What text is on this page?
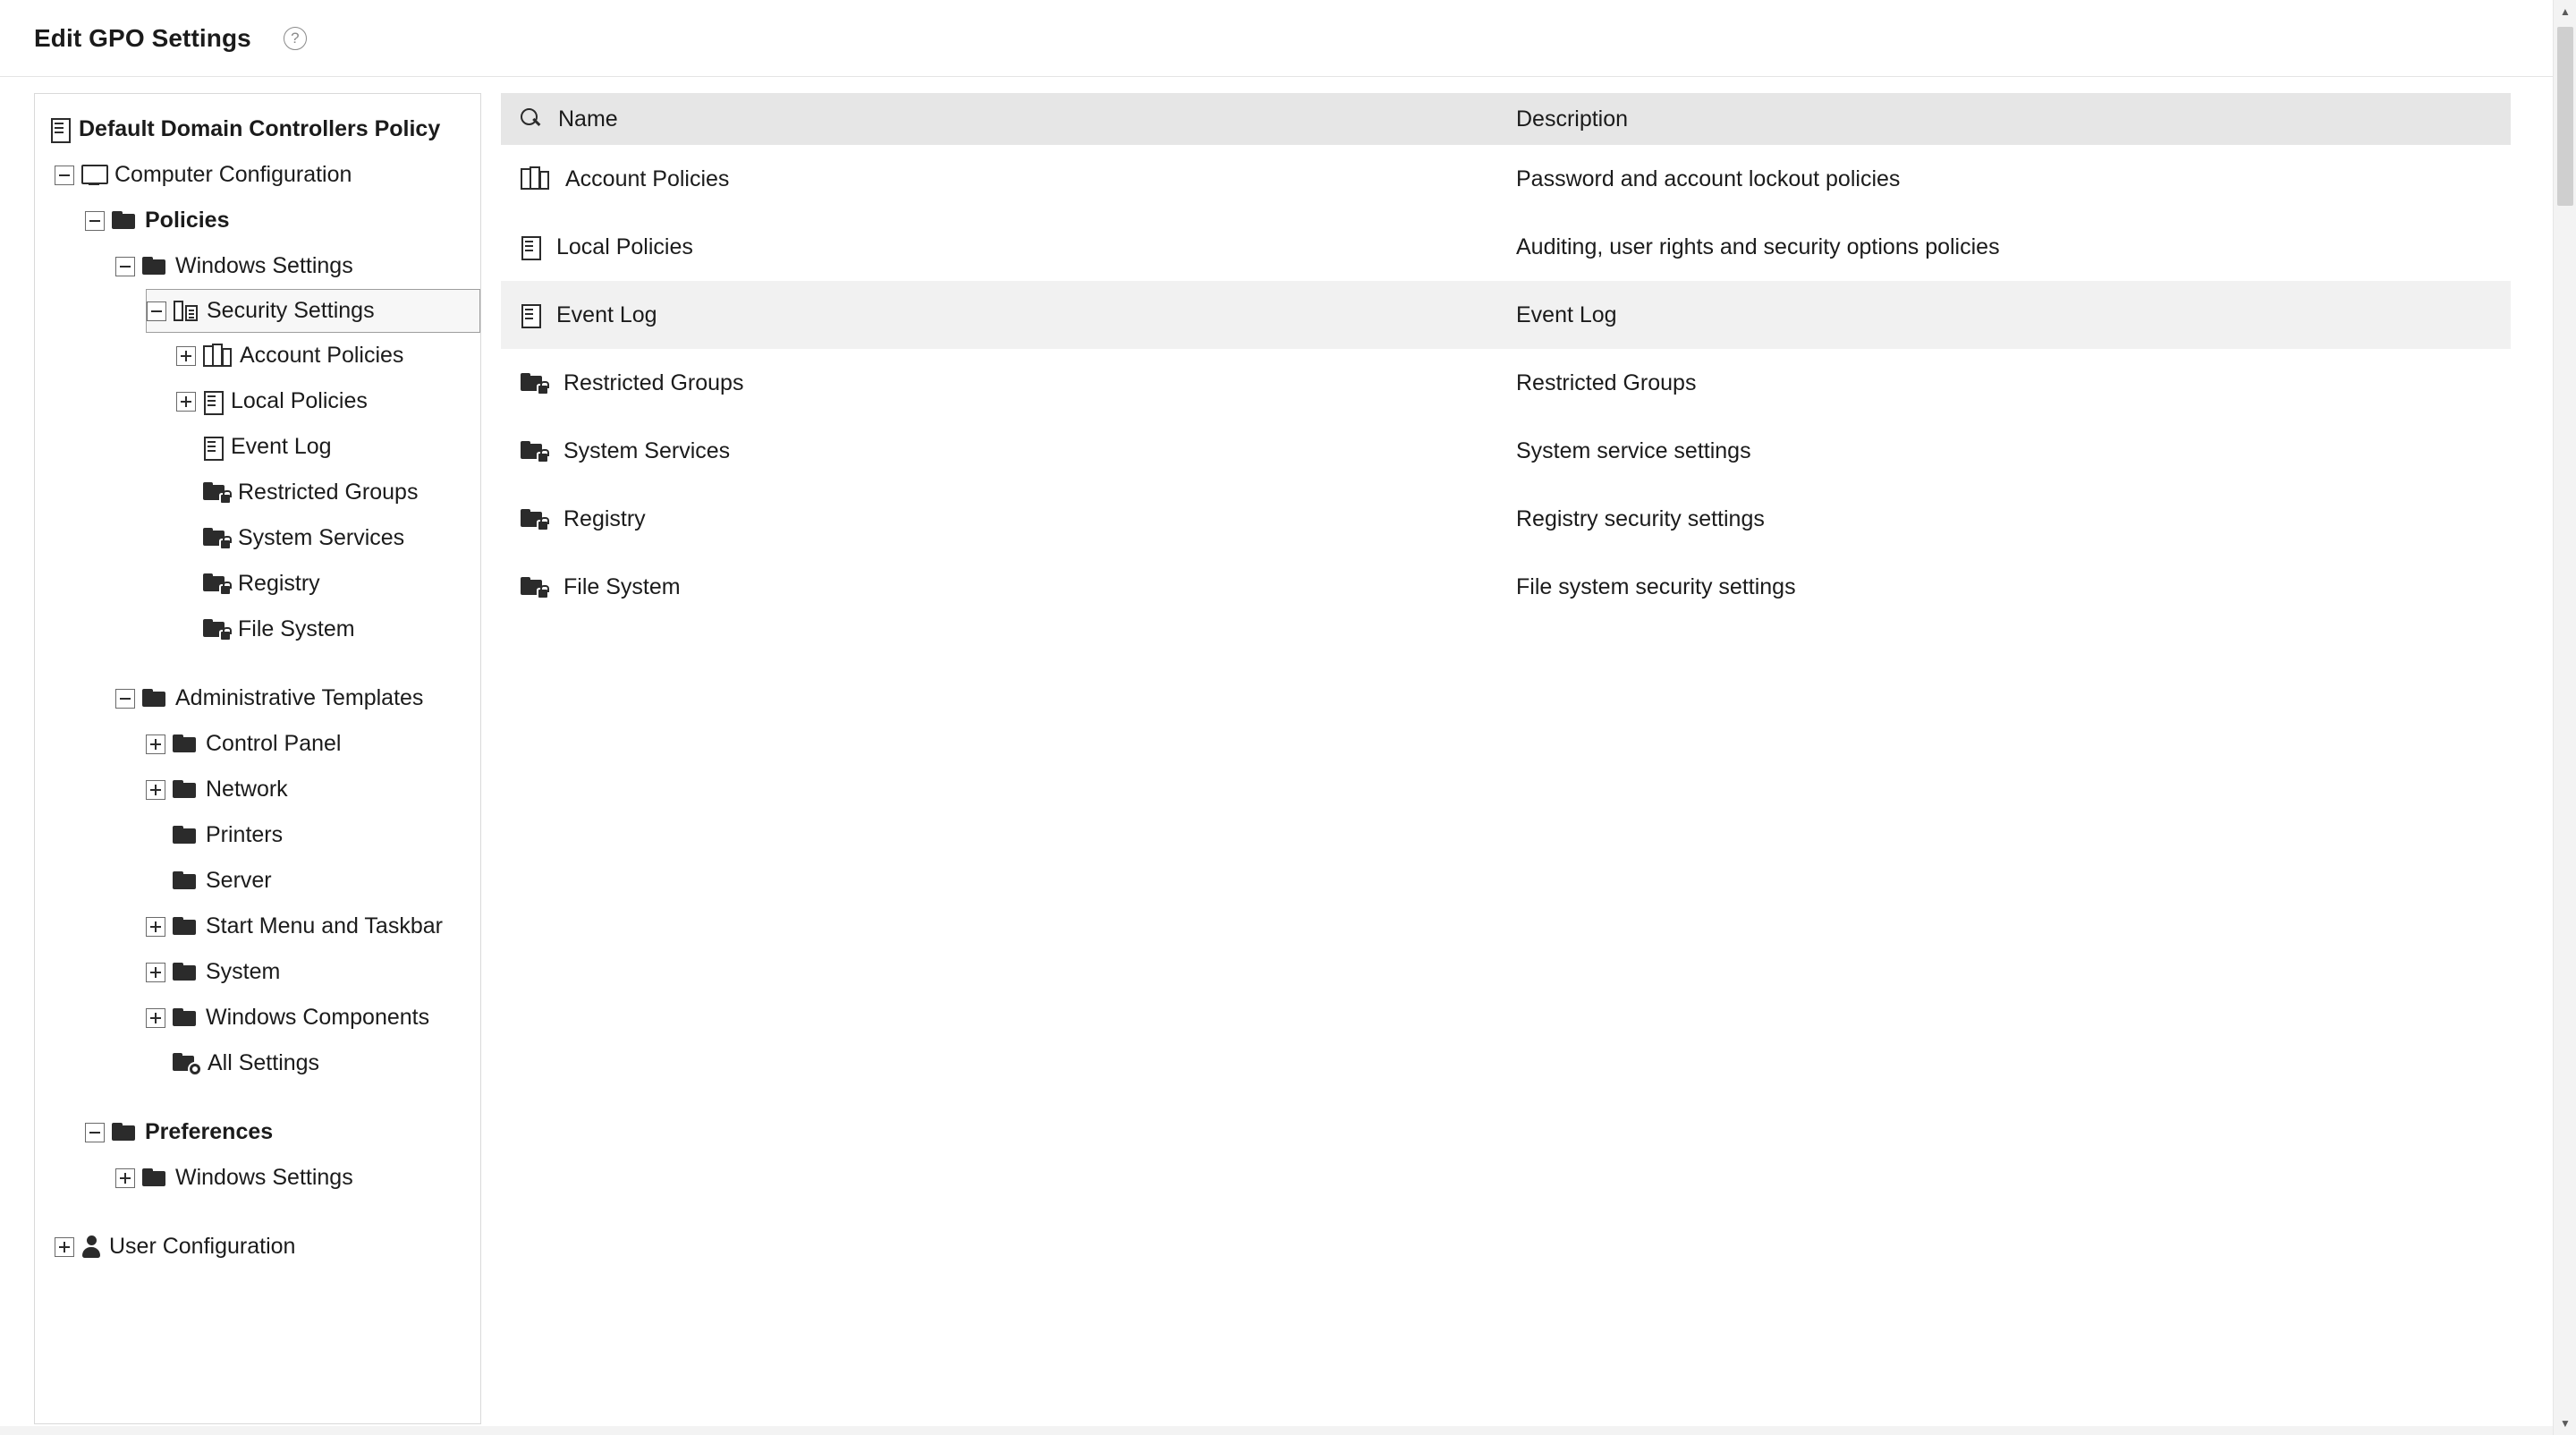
Edit GPO Settings	?
Default Domain Controllers Policy
Computer Configuration
Policies
Windows Settings
Security Settings
Account Policies
Local Policies
Event Log
Restricted Groups
System Services
Registry
File System
Administrative Templates
Control Panel
Network
Printers
Server
Start Menu and Taskbar
System
Windows Components
All Settings
Preferences
Windows Settings
User Configuration
Name	Description
Account Policies	Password and account lockout policies
Local Policies	Auditing, user rights and security options policies
Event Log	Event Log
Restricted Groups	Restricted Groups
System Services	System service settings
Registry	Registry security settings
File System	File system security settings
▲
▼
